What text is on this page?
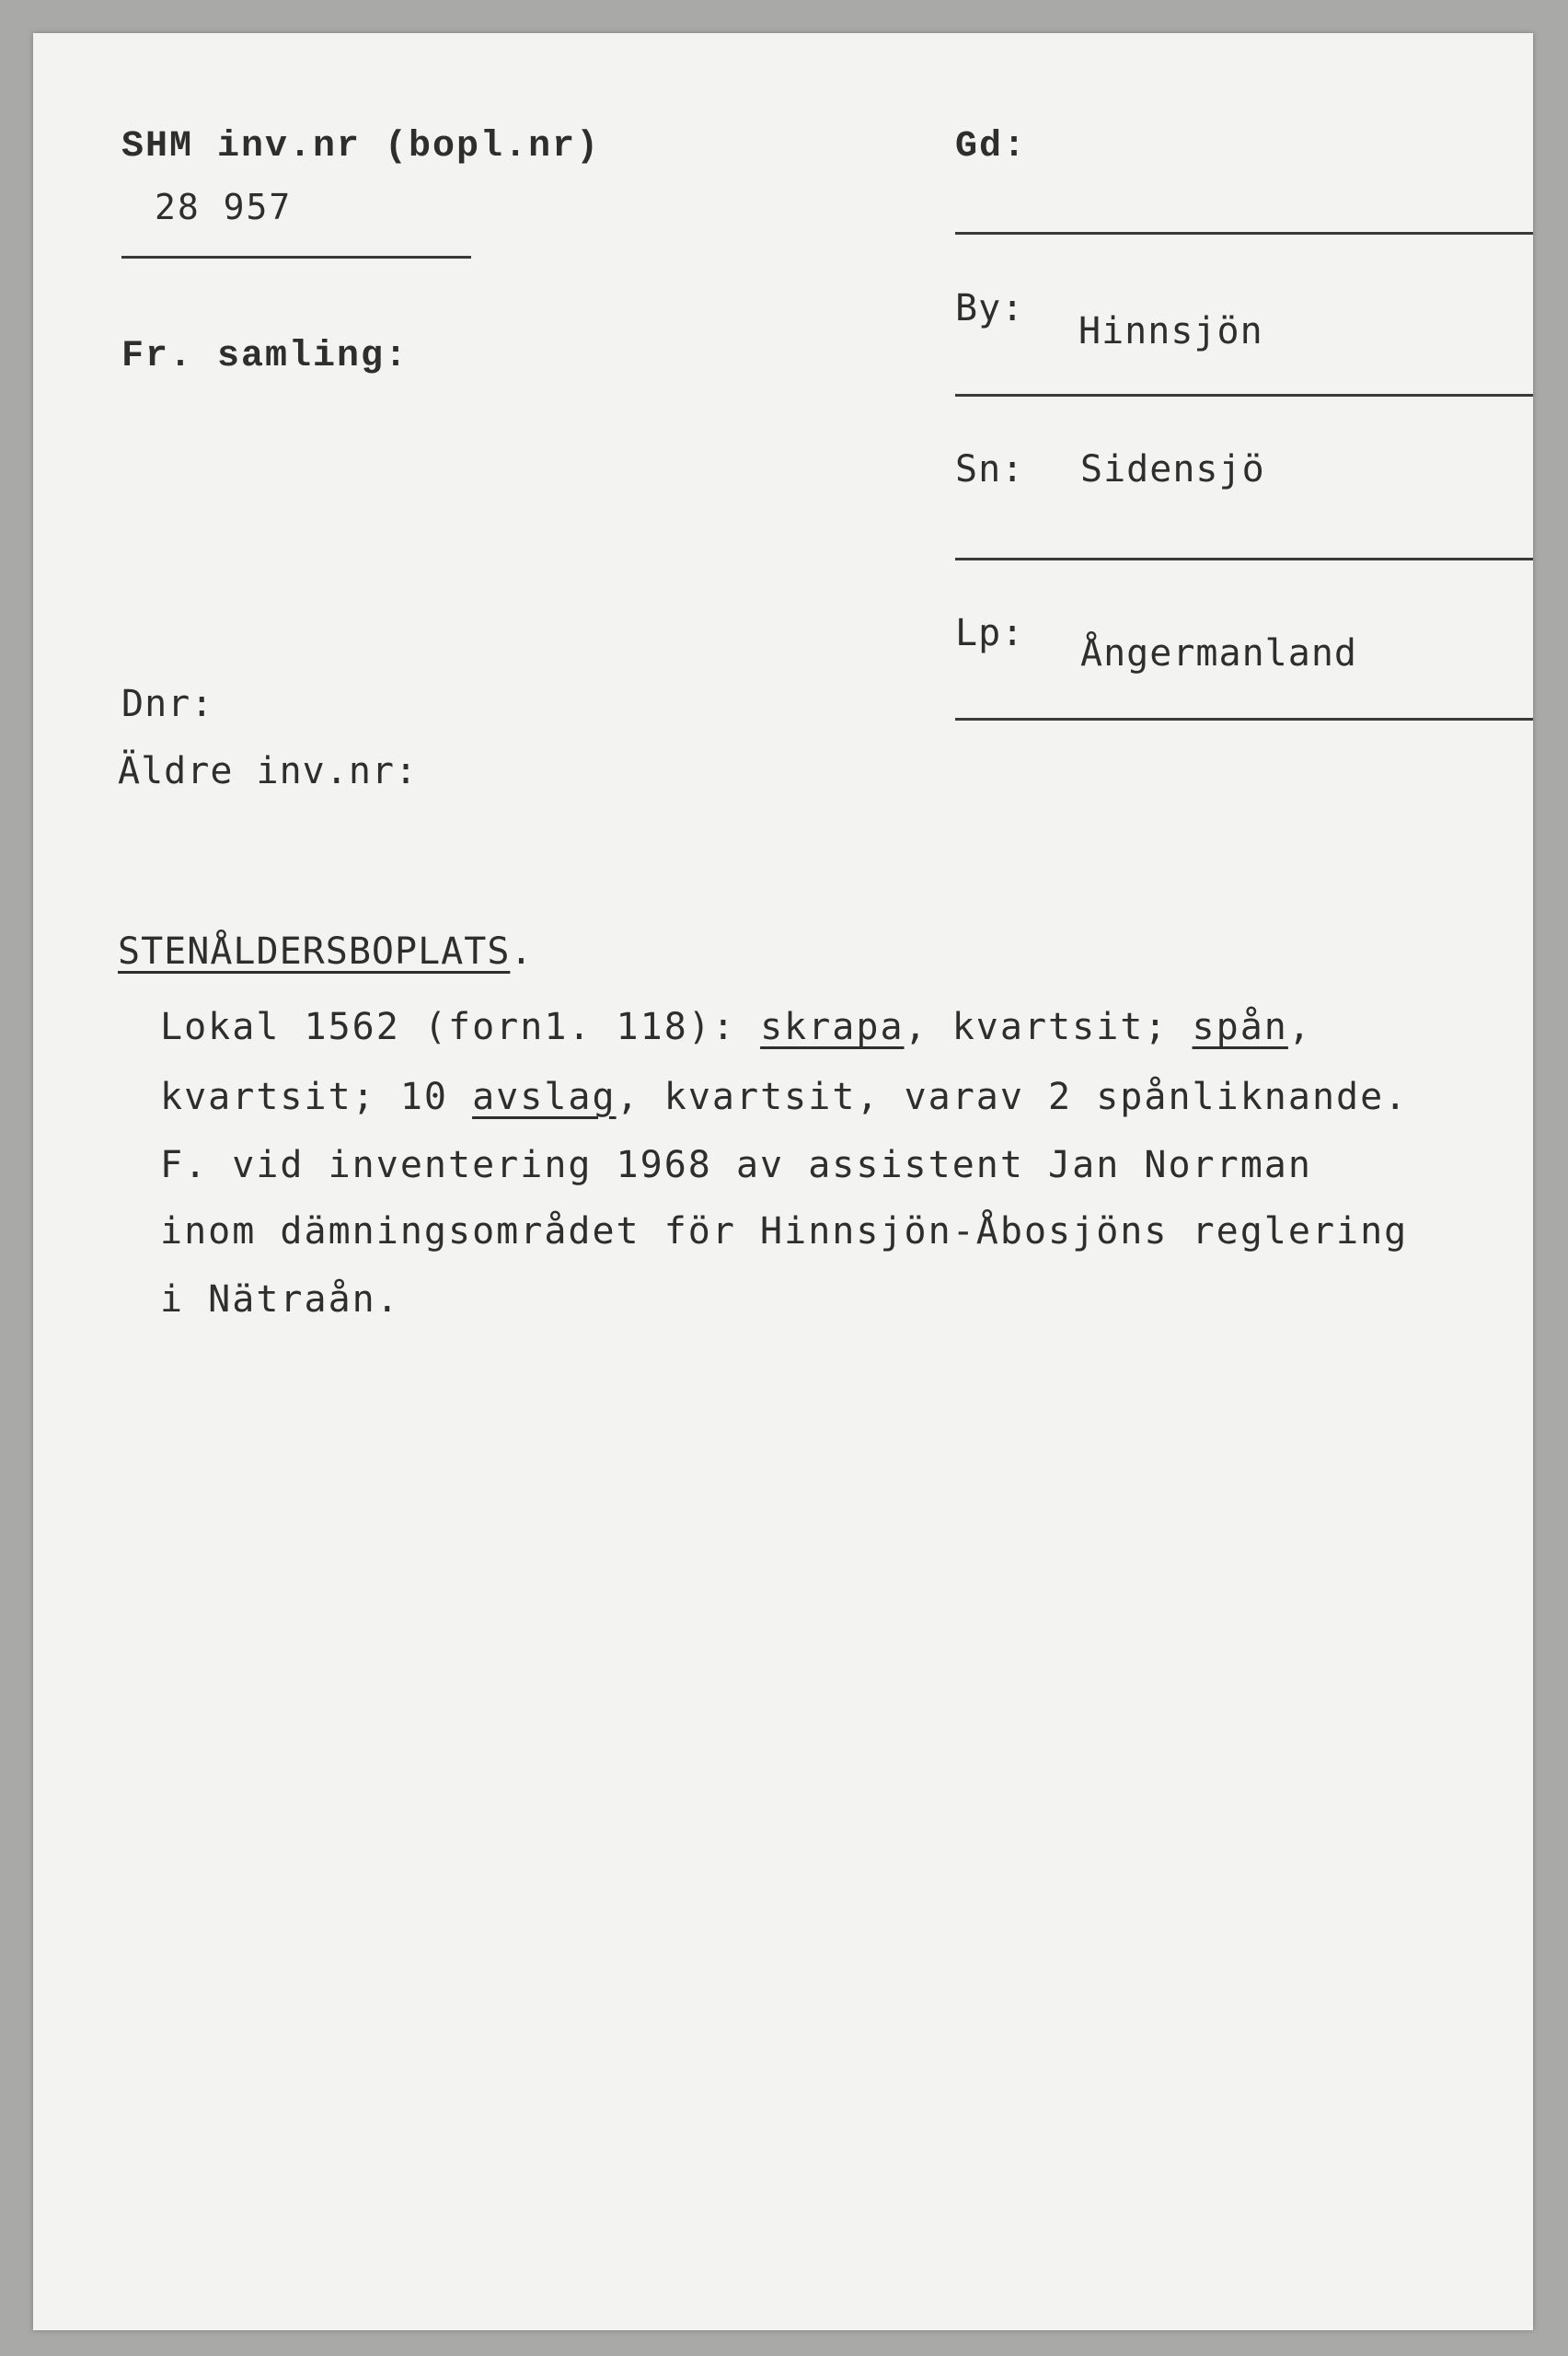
SHM inv.nr (bopl.nr)
28 957
Fr. samling:
Dnr:
Äldre inv.nr:
Gd:
By:
Hinnsjön
Sn: Sidensjö
Lp: Ångermanland
STENÅLDERSBOPLATS.
Lokal 1562 (forn1. 118): skrapa, kvartsit; spån,
kvartsit; 10 avslag, kvartsit, varav 2 spånliknande.
F. vid inventering 1968 av assistent Jan Norrman
inom dämningsområdet för Hinnsjön-Åbosjöns reglering
i Nätraån.
